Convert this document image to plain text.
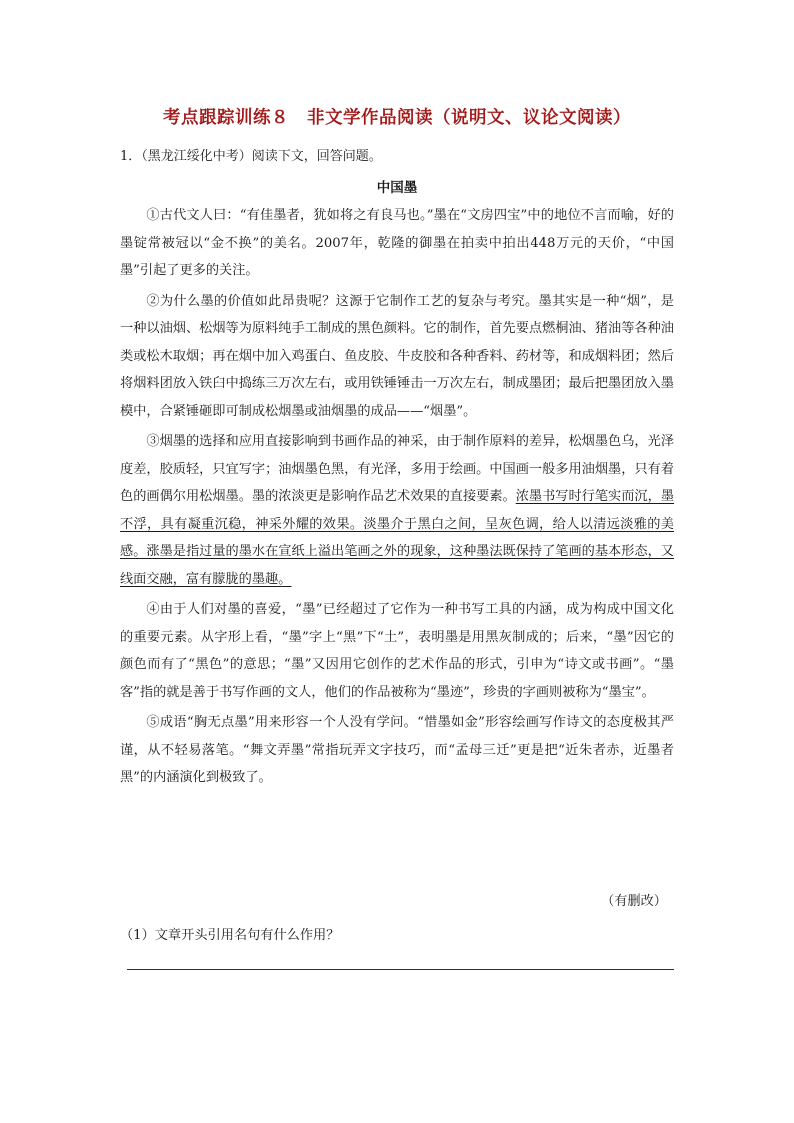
考点跟踪训练８　非文学作品阅读（说明文、议论文阅读）
1．（黑龙江绥化中考）阅读下文，回答问题。
中国墨

①古代文人曰：“有佳墨者，犹如将之有良马也。”墨在“文房四宝”中的地位不言而喻，好的墨锭常被冠以“金不换”的美名。2007年，乾隆的御墨在拍卖中拍出448万元的天价，“中国墨”引起了更多的关注。

②为什么墨的价值如此昂贵呢？这源于它制作工艺的复杂与考究。墨其实是一种“烟”，是一种以油烟、松烟等为原料纯手工制成的黑色颜料。它的制作，首先要点燃桐油、猪油等各种油类或松木取烟；再在烟中加入鸡蛋白、鱼皮胶、牛皮胶和各种香料、药材等，和成烟料团；然后将烟料团放入铁臼中捣练三万次左右，或用铁锤锤击一万次左右，制成墨团；最后把墨团放入墨模中，合紧锤砸即可制成松烟墨或油烟墨的成品——“烟墨”。

③烟墨的选择和应用直接影响到书画作品的神采，由于制作原料的差异，松烟墨色乌，光泽度差，胶质轻，只宜写字；油烟墨色黑，有光泽，多用于绘画。中国画一般多用油烟墨，只有着色的画偶尔用松烟墨。墨的浓淡更是影响作品艺术效果的直接要素。浓墨书写时行笔实而沉，墨不浮，具有凝重沉稳，神采外耀的效果。淡墨介于黑白之间，呈灰色调，给人以清远淡雅的美感。涨墨是指过量的墨水在宣纸上溢出笔画之外的现象，这种墨法既保持了笔画的基本形态，又线面交融，富有朦胧的墨趣。

④由于人们对墨的喜爱，“墨”已经超过了它作为一种书写工具的内涵，成为构成中国文化的重要元素。从字形上看，“墨”字上“黑”下“土”，表明墨是用黑灰制成的；后来，“墨”因它的颜色而有了“黑色”的意思；“墨”又因用它创作的艺术作品的形式，引申为“诗文或书画”。“墨客”指的就是善于书写作画的文人，他们的作品被称为“墨迹”，珍贵的字画则被称为“墨宝”。

⑤成语“胸无点墨”用来形容一个人没有学问。“惜墨如金”形容绘画写作诗文的态度极其严谨，从不轻易落笔。“舞文弄墨”常指玩弄文字技巧，而“孟母三迁”更是把“近朱者赤，近墨者黑”的内涵演化到极致了。

（有删改）
（1）文章开头引用名句有什么作用？
